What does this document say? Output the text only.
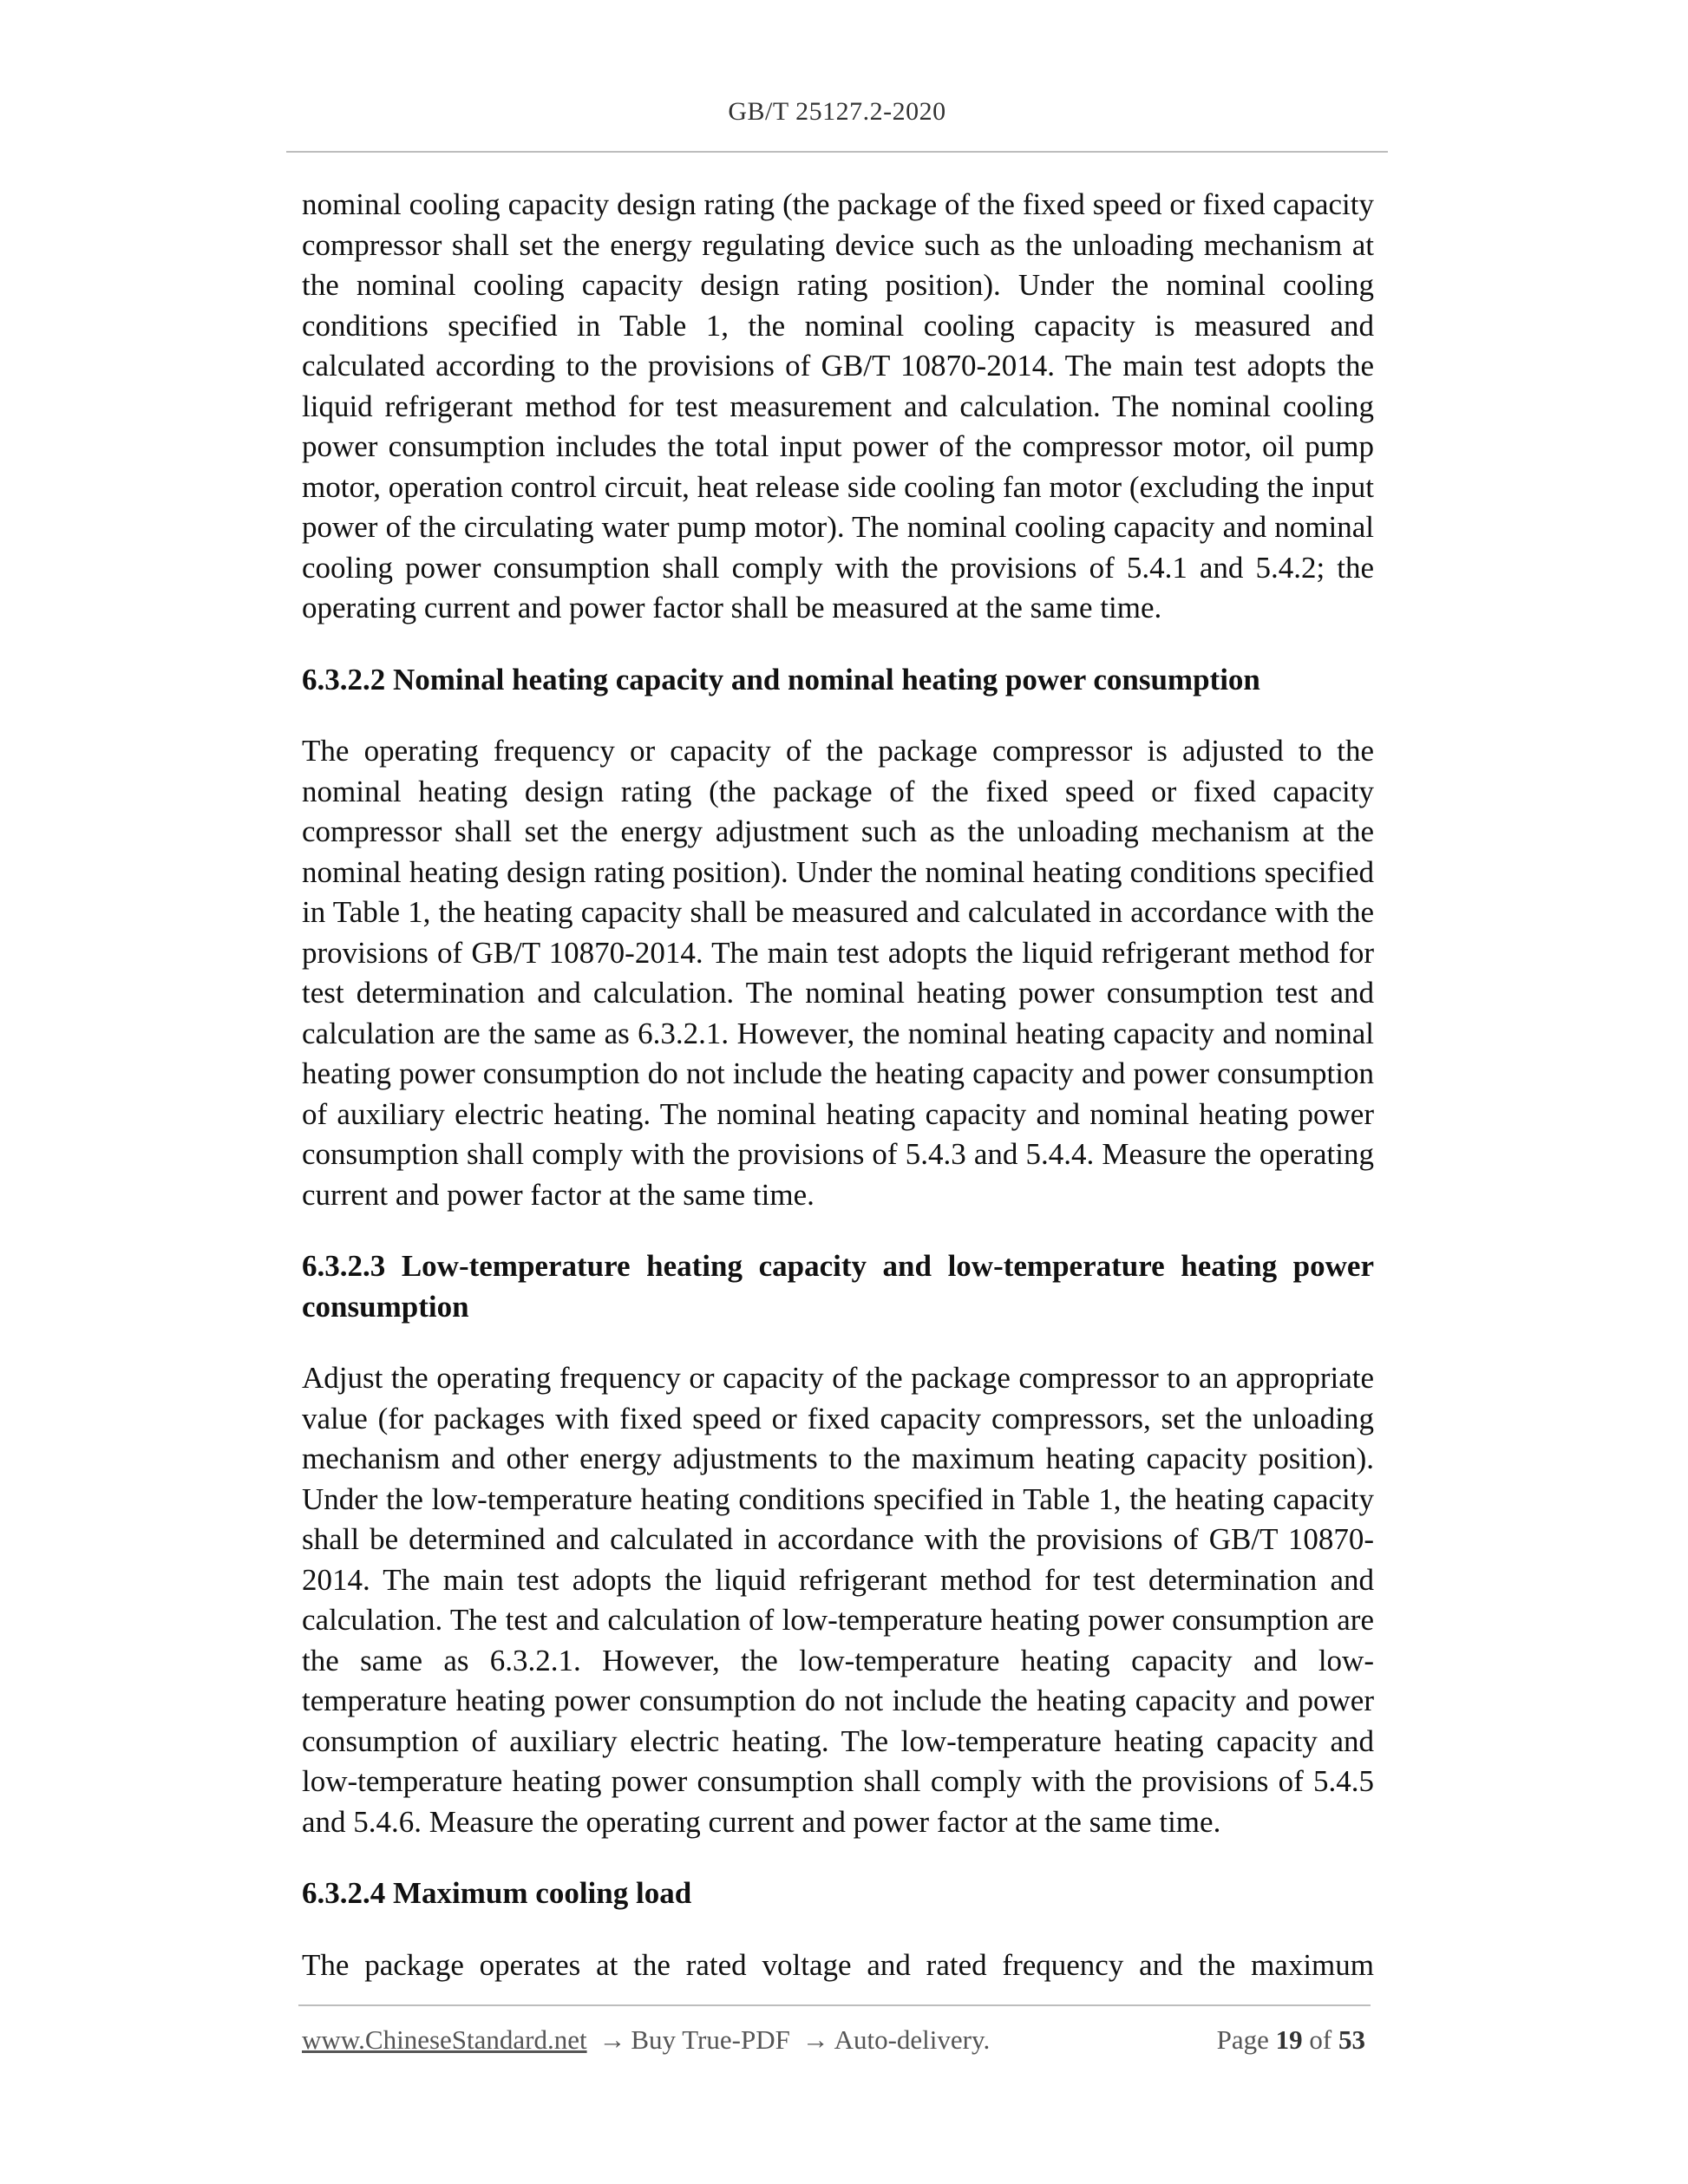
GB/T 25127.2-2020

nominal cooling capacity design rating (the package of the fixed speed or fixed capacity compressor shall set the energy regulating device such as the unloading mechanism at the nominal cooling capacity design rating position). Under the nominal cooling conditions specified in Table 1, the nominal cooling capacity is measured and calculated according to the provisions of GB/T 10870-2014. The main test adopts the liquid refrigerant method for test measurement and calculation. The nominal cooling power consumption includes the total input power of the compressor motor, oil pump motor, operation control circuit, heat release side cooling fan motor (excluding the input power of the circulating water pump motor). The nominal cooling capacity and nominal cooling power consumption shall comply with the provisions of 5.4.1 and 5.4.2; the operating current and power factor shall be measured at the same time.

6.3.2.2 Nominal heating capacity and nominal heating power consumption

The operating frequency or capacity of the package compressor is adjusted to the nominal heating design rating (the package of the fixed speed or fixed capacity compressor shall set the energy adjustment such as the unloading mechanism at the nominal heating design rating position). Under the nominal heating conditions specified in Table 1, the heating capacity shall be measured and calculated in accordance with the provisions of GB/T 10870-2014. The main test adopts the liquid refrigerant method for test determination and calculation. The nominal heating power consumption test and calculation are the same as 6.3.2.1. However, the nominal heating capacity and nominal heating power consumption do not include the heating capacity and power consumption of auxiliary electric heating. The nominal heating capacity and nominal heating power consumption shall comply with the provisions of 5.4.3 and 5.4.4. Measure the operating current and power factor at the same time.

6.3.2.3 Low-temperature heating capacity and low-temperature heating power consumption

Adjust the operating frequency or capacity of the package compressor to an appropriate value (for packages with fixed speed or fixed capacity compressors, set the unloading mechanism and other energy adjustments to the maximum heating capacity position). Under the low-temperature heating conditions specified in Table 1, the heating capacity shall be determined and calculated in accordance with the provisions of GB/T 10870-2014. The main test adopts the liquid refrigerant method for test determination and calculation. The test and calculation of low-temperature heating power consumption are the same as 6.3.2.1. However, the low-temperature heating capacity and low-temperature heating power consumption do not include the heating capacity and power consumption of auxiliary electric heating. The low-temperature heating capacity and low-temperature heating power consumption shall comply with the provisions of 5.4.5 and 5.4.6. Measure the operating current and power factor at the same time.

6.3.2.4 Maximum cooling load

The package operates at the rated voltage and rated frequency and the maximum

www.ChineseStandard.net → Buy True-PDF → Auto-delivery.	Page 19 of 53
